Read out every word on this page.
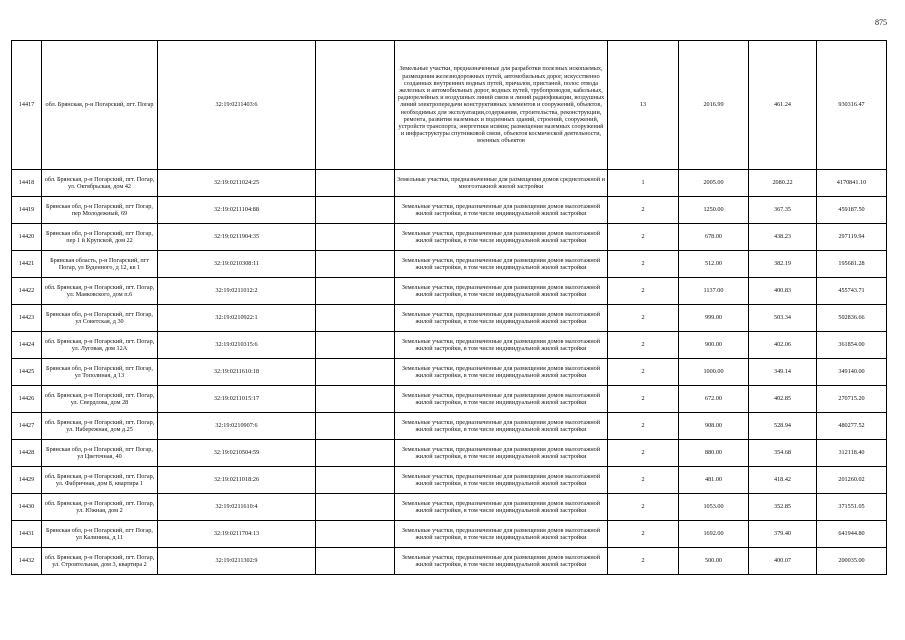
875
14417	обл. Брянская, р-н Погарский, пгт. Погар	32:19:0211403:6		Земельные участки, предназначенные для разработки полезных ископаемых, размещения железнодорожных путей, автомобильных дорог, искусственно созданных внутренних водных путей, причалов, пристаней, полос отвода железных и автомобильных дорог, водных путей, трубопроводов, кабельных, радиорелейных и воздушных линий связи и линий радиофикации, воздушных линий электропередачи конструктивных элементов и сооружений, объектов, необходимых для эксплуатации,содержания, строительства, реконструкции, ремонта, развития наземных и подземных зданий, строений, сооружений, устройств транспорта, энергетики исвязи; размещения наземных сооружений и инфраструктуры спутниковой связи, объектов космической деятельности, военных объектов	13	2016.99	461.24	930316.47
14418	обл. Брянская, р-н Погарский, пгт. Погар, ул. Октябрьская, дом 42	32:19:0211024:25		Земельные участки, предназначенные для размещения домов среднеэтажной и многоэтажной жилой застройки	1	2005.00	2080.22	4170841.10
14419	Брянская обл, р-н Погарский, пгт Погар, пер Молодежный, 69	32:19:0211104:88		Земельные участки, предназначенные для размещения домов малоэтажной жилой застройки, в том числе индивидуальной жилой застройки	2	1250.00	367.35	459187.50
14420	Брянская обл, р-н Погарский, пгт Погар, пер 1 й Крупской, дом 22	32:19:0211904:35		Земельные участки, предназначенные для размещения домов малоэтажной жилой застройки, в том числе индивидуальной жилой застройки	2	678.00	438.23	297119.94
14421	Брянская область, р-н Погарский, пгт Погар, ул Буденного, д 12, кв 1	32:19:0210308:11		Земельные участки, предназначенные для размещения домов малоэтажной жилой застройки, в том числе индивидуальной жилой застройки	2	512.00	382.19	195681.28
14422	обл. Брянская, р-н Погарский, пгт. Погар, ул. Маяковского, дом п.6	32:19:0211012:2		Земельные участки, предназначенные для размещения домов малоэтажной жилой застройки, в том числе индивидуальной жилой застройки	2	1137.00	400.83	455743.71
14423	Брянская обл, р-н Погарский, пгт Погар, ул Советская, д 30	32:19:0210922:1		Земельные участки, предназначенные для размещения домов малоэтажной жилой застройки, в том числе индивидуальной жилой застройки	2	999.00	503.34	502836.66
14424	обл. Брянская, р-н Погарский, пгт. Погар, ул. Луговая, дом 12А	32:19:0210315:6		Земельные участки, предназначенные для размещения домов малоэтажной жилой застройки, в том числе индивидуальной жилой застройки	2	900.00	402.06	361854.00
14425	Брянская обл, р-н Погарский, пгт Погар, ул Тополиная, д 13	32:19:0211610:18		Земельные участки, предназначенные для размещения домов малоэтажной жилой застройки, в том числе индивидуальной жилой застройки	2	1000.00	349.14	349140.00
14426	обл. Брянская, р-н Погарский, пгт. Погар, ул. Свердлова, дом 28	32:19:0211015:17		Земельные участки, предназначенные для размещения домов малоэтажной жилой застройки, в том числе индивидуальной жилой застройки	2	672.00	402.85	270715.20
14427	обл. Брянская, р-н Погарский, пгт. Погар, ул. Набережная, дом д.25	32:19:0210907:6		Земельные участки, предназначенные для размещения домов малоэтажной жилой застройки, в том числе индивидуальной жилой застройки	2	908.00	528.94	480277.52
14428	Брянская обл, р-н Погарский, пгт Погар, ул Цветочная, 40	32:19:0210504:59		Земельные участки, предназначенные для размещения домов малоэтажной жилой застройки, в том числе индивидуальной жилой застройки	2	880.00	354.68	312118.40
14429	обл. Брянская, р-н Погарский, пгт. Погар, ул. Фабричная, дом 8, квартира 1	32:19:0211018:26		Земельные участки, предназначенные для размещения домов малоэтажной жилой застройки, в том числе индивидуальной жилой застройки	2	481.00	418.42	201260.02
14430	обл. Брянская, р-н Погарский, пгт. Погар, ул. Южная, дом 2	32:19:0211610:4		Земельные участки, предназначенные для размещения домов малоэтажной жилой застройки, в том числе индивидуальной жилой застройки	2	1053.00	352.85	371551.05
14431	Брянская обл, р-н Погарский, пгт Погар, ул Калинина, д 11	32:19:0211704:13		Земельные участки, предназначенные для размещения домов малоэтажной жилой застройки, в том числе индивидуальной жилой застройки	2	1692.00	379.40	641944.80
14432	обл. Брянская, р-н Погарский, пгт. Погар, ул. Строительная, дом 3, квартира 2	32:19:0211302:9		Земельные участки, предназначенные для размещения домов малоэтажной жилой застройки, в том числе индивидуальной жилой застройки	2	500.00	400.07	200035.00
